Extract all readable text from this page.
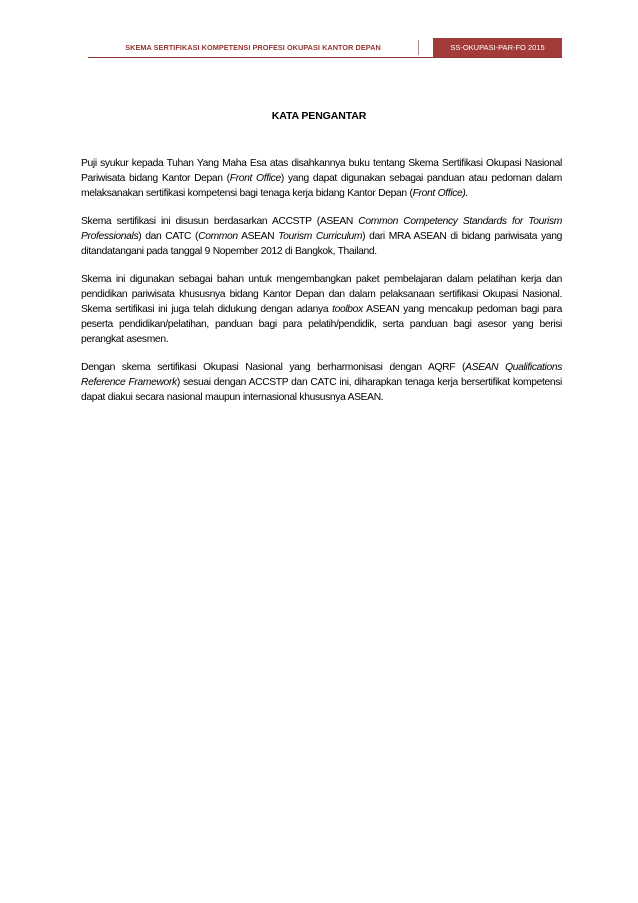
SKEMA SERTIFIKASI KOMPETENSI PROFESI OKUPASI KANTOR DEPAN	SS-OKUPASI-PAR-FO 2015
KATA PENGANTAR

Puji syukur kepada Tuhan Yang Maha Esa atas disahkannya buku tentang Skema Sertifikasi Okupasi Nasional Pariwisata bidang Kantor Depan (Front Office) yang dapat digunakan sebagai panduan atau pedoman dalam melaksanakan sertifikasi kompetensi bagi tenaga kerja bidang Kantor Depan (Front Office).

Skema sertifikasi ini disusun berdasarkan ACCSTP (ASEAN Common Competency Standards for Tourism Professionals) dan CATC (Common ASEAN Tourism Curriculum) dari MRA ASEAN di bidang pariwisata yang ditandatangani pada tanggal 9 Nopember 2012 di Bangkok, Thailand.

Skema ini digunakan sebagai bahan untuk mengembangkan paket pembelajaran dalam pelatihan kerja dan pendidikan pariwisata khususnya bidang Kantor Depan dan dalam pelaksanaan sertifikasi Okupasi Nasional. Skema sertifikasi ini juga telah didukung dengan adanya toolbox ASEAN yang mencakup pedoman bagi para peserta pendidikan/pelatihan, panduan bagi para pelatih/pendidik, serta panduan bagi asesor yang berisi perangkat asesmen.

Dengan skema sertifikasi Okupasi Nasional yang berharmonisasi dengan AQRF (ASEAN Qualifications Reference Framework) sesuai dengan ACCSTP dan CATC ini, diharapkan tenaga kerja bersertifikat kompetensi dapat diakui secara nasional maupun internasional khususnya ASEAN.
